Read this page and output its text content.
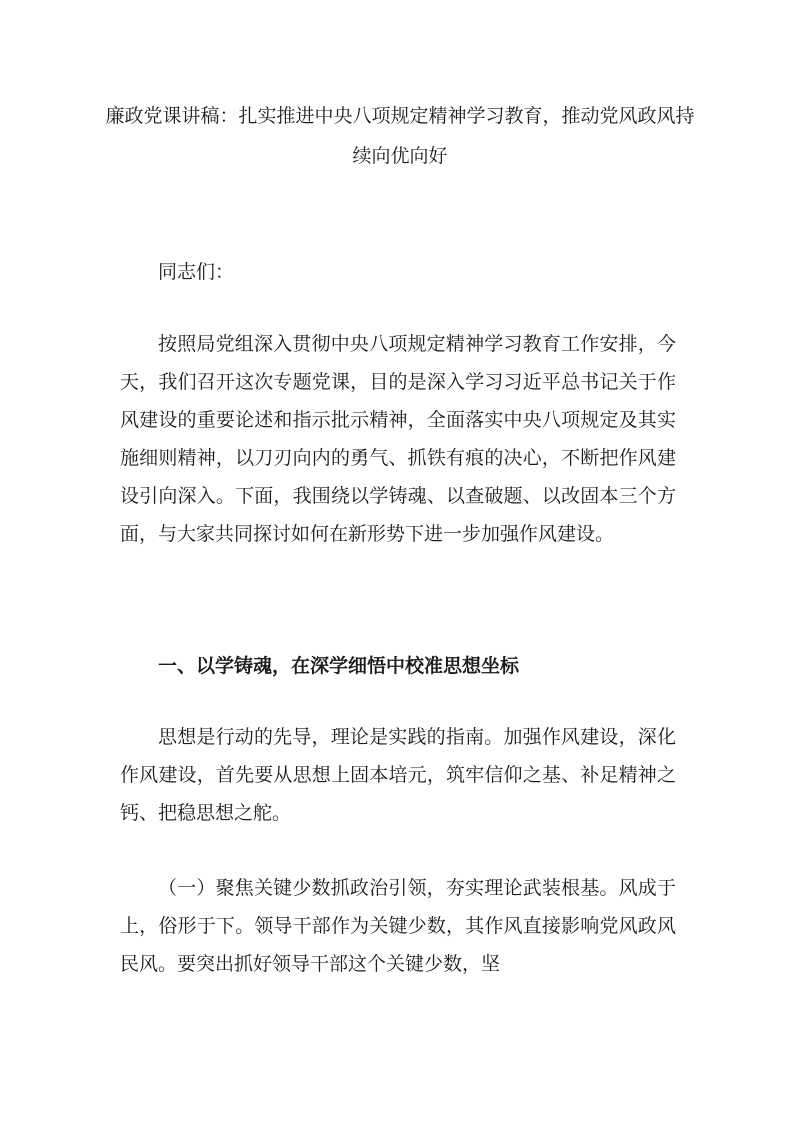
廉政党课讲稿：扎实推进中央八项规定精神学习教育，推动党风政风持续向优向好

同志们：

按照局党组深入贯彻中央八项规定精神学习教育工作安排，今天，我们召开这次专题党课，目的是深入学习习近平总书记关于作风建设的重要论述和指示批示精神，全面落实中央八项规定及其实施细则精神，以刀刃向内的勇气、抓铁有痕的决心，不断把作风建设引向深入。下面，我围绕以学铸魂、以查破题、以改固本三个方面，与大家共同探讨如何在新形势下进一步加强作风建设。

一、以学铸魂，在深学细悟中校准思想坐标

思想是行动的先导，理论是实践的指南。加强作风建设，深化作风建设，首先要从思想上固本培元，筑牢信仰之基、补足精神之钙、把稳思想之舵。

（一）聚焦关键少数抓政治引领，夯实理论武装根基。风成于上，俗形于下。领导干部作为关键少数，其作风直接影响党风政风民风。要突出抓好领导干部这个关键少数，坚
